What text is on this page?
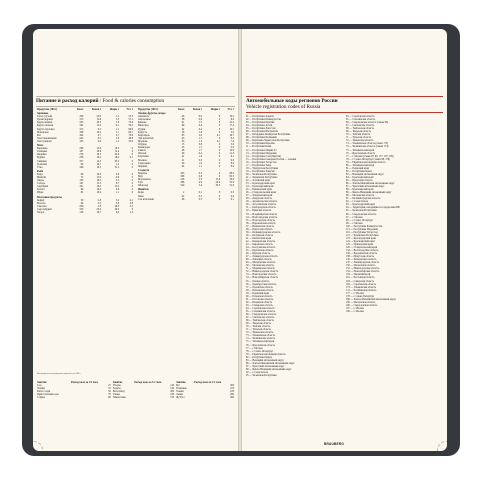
Питание и расход калорий / Food & calories consumption
Продукты (100 г)	Ккал	Белки г	Жиры г	Угл. г
Зерновые				
Горох (сухой)	336	23.0	1.2	53.3
Гречка ядрица	313	12.6	3.3	57.1
Крупа манная	333	10.3	1.0	70.6
Крупа овсяная	342	12.3	6.1	59.5
Крупа перловая	315	9.3	1.1	66.9
Макароны	338	10.4	1.1	69.7
Рис	344	6.7	0.7	78.9
Хлеб пшеничный	242	8.1	1.0	48.8
Хлеб ржаной	165	6.6	1.2	33.4
Мясо				
Баранина	209	15.6	16.3	0
Говядина	187	18.9	12.4	0
Индейка	276	19.5	22.0	0
Курица	238	18.2	18.4	0.7
Свинина	357	14.3	33.3	0
Телятина	90	19.7	1.2	0
Утка	346	16.5	31.3	0
Рыба				
Карп	96	16.0	3.6	0
Минтай	72	15.9	0.9	0
Окунь	103	18.5	3.3	0
Сельдь	161	15.5	8.7	0
Скумбрия	191	18.0	13.2	0
Треска	69	16.0	0.6	0
Щука	82	18.4	1.1	0
Молочные продукты				
Кефир	59	2.8	3.2	4.1
Молоко	64	3.2	3.6	4.8
Сметана	206	2.8	20.0	3.2
Сыр твёрдый	350	23.0	29.0	0
Творог	156	16.7	9.0	1.3
Продукты (100 г)	Ккал	Белки г	Жиры г	Угл. г
Овощи, фрукты, ягоды				
Абрикосы	46	0.9	0	10.5
Апельсины	38	0.9	0	8.4
Бананы	91	1.5	0	22.4
Виноград	69	0.4	0	17.5
Груши	42	0.4	0	10.7
Капуста	28	1.8	0	5.4
Картофель	83	2.0	0.1	19.7
Лук репчатый	43	1.7	0	9.5
Морковь	33	1.3	0.1	7.0
Огурцы	15	0.8	0	3.0
Помидоры	23	1.1	0	5.0
Свёкла	48	1.7	0	10.8
Яблоки	46	0.4	0	11.3
Клубника	41	1.8	0	8.1
Малина	41	0.8	0	9.0
Смородина	40	1.0	0	8.0
Черника	44	1.1	0	8.6
Сладости				
Варенье	265	0.3	0	68.0
Мёд	308	0.8	0	80.3
Мороженое	226	3.3	15.0	19.8
Торт	388	4.9	20.0	55.0
Шоколад	540	5.4	35.3	52.6
Напитки				
Кофе	2	0.1	0	0.3
Пиво	42	0.3	0	4.6
Сок яблочный	46	0.5	0	9.1
Калорийность продуктов указана на 100 г
Занятие	Расход ккал за 1/2 часа	Занятие	Расход ккал за 1/2 часа	Занятие	Расход ккал за 1/2 часа
Сон	25	Уборка	120	Бег	300
Чтение	35	Ходьба	140	Плавание	270
Работа сидя	50	Велосипед	200	Теннис	220
Приготовление еды	70	Танцы	180	Лыжи	280
Стирка	90	Гимнастика	150	Футбол	260
Автомобильные коды регионов России
Vehicle registration codes of Russia
01 — Республика Адыгея
02 — Республика Башкортостан
03 — Республика Бурятия
04 — Республика Алтай
05 — Республика Дагестан
06 — Республика Ингушетия
07 — Кабардино-Балкарская Республика
08 — Республика Калмыкия
09 — Карачаево-Черкесская Республика
10 — Республика Карелия
11 — Республика Коми
12 — Республика Марий Эл
13 — Республика Мордовия
14 — Республика Саха (Якутия)
15 — Республика Северная Осетия — Алания
16 — Республика Татарстан
17 — Республика Тыва
18 — Удмуртская Республика
19 — Республика Хакасия
20 — Чеченская Республика
21 — Чувашская Республика
22 — Алтайский край
23 — Краснодарский край
24 — Красноярский край
25 — Приморский край
26 — Ставропольский край
27 — Хабаровский край
28 — Амурская область
29 — Архангельская область
30 — Астраханская область
31 — Белгородская область
32 — Брянская область
33 — Владимирская область
34 — Волгоградская область
35 — Вологодская область
36 — Воронежская область
37 — Ивановская область
38 — Иркутская область
39 — Калининградская область
40 — Калужская область
41 — Камчатский край
42 — Кемеровская область
43 — Кировская область
44 — Костромская область
45 — Курганская область
46 — Курская область
47 — Ленинградская область
48 — Липецкая область
49 — Магаданская область
50 — Московская область
51 — Мурманская область
52 — Нижегородская область
53 — Новгородская область
54 — Новосибирская область
55 — Омская область
56 — Оренбургская область
57 — Орловская область
58 — Пензенская область
59 — Пермский край
60 — Псковская область
61 — Ростовская область
62 — Рязанская область
63 — Самарская область
64 — Саратовская область
65 — Сахалинская область
66 — Свердловская область
67 — Смоленская область
68 — Тамбовская область
69 — Тверская область
70 — Томская область
71 — Тульская область
72 — Тюменская область
73 — Ульяновская область
74 — Челябинская область
75 — Забайкальский край
76 — Ярославская область
77 — г. Москва
78 — г. Санкт-Петербург
79 — Еврейская автономная область
82 — Республика Крым
83 — Ненецкий автономный округ
86 — Ханты-Мансийский автономный округ
87 — Чукотский автономный округ
89 — Ямало-Ненецкий автономный округ
92 — г. Севастополь
95 — Чеченская Республика
64 — Саратовская область
65 — Сахалинская область
66 — Свердловская область (также 96)
67 — Смоленская область
68 — Тамбовская область
69 — Тверская область
70 — Томская область
71 — Тульская область
72 — Тюменская область
73 — Ульяновская область (также 173)
74 — Челябинская область (также 174)
75 — Забайкальский край
76 — Ярославская область
77 — г. Москва (также 97, 99, 177, 197, 199)
78 — г. Санкт-Петербург (также 98, 178)
79 — Еврейская автономная область
80 — Забайкальский край
81 — Пермский край
82 — Республика Крым
83 — Ненецкий автономный округ
84 — Красноярский край
85 — Иркутская область
86 — Ханты-Мансийский автономный округ
87 — Чукотский автономный округ
88 — Красноярский край
89 — Ямало-Ненецкий автономный округ
90 — Московская область
91 — Калининградская область
92 — г. Севастополь
93 — Краснодарский край
94 — Территории, находящиеся за пределами РФ
95 — Чеченская Республика
96 — Свердловская область
97 — г. Москва
98 — г. Санкт-Петербург
99 — г. Москва
102 — Республика Башкортостан
113 — Республика Мордовия
116 — Республика Татарстан
121 — Чувашская Республика
123 — Краснодарский край
124 — Красноярский край
125 — Приморский край
126 — Ставропольский край
134 — Волгоградская область
136 — Воронежская область
138 — Иркутская область
142 — Кемеровская область
147 — Ленинградская область
150 — Московская область
152 — Нижегородская область
154 — Новосибирская область
159 — Пермский край
161 — Ростовская область
163 — Самарская область
164 — Саратовская область
173 — Ульяновская область
174 — Челябинская область
177 — г. Москва
178 — г. Санкт-Петербург
186 — Ханты-Мансийский автономный округ
190 — Московская область
196 — Свердловская область
197 — г. Москва
199 — г. Москва
BRAUBERG
